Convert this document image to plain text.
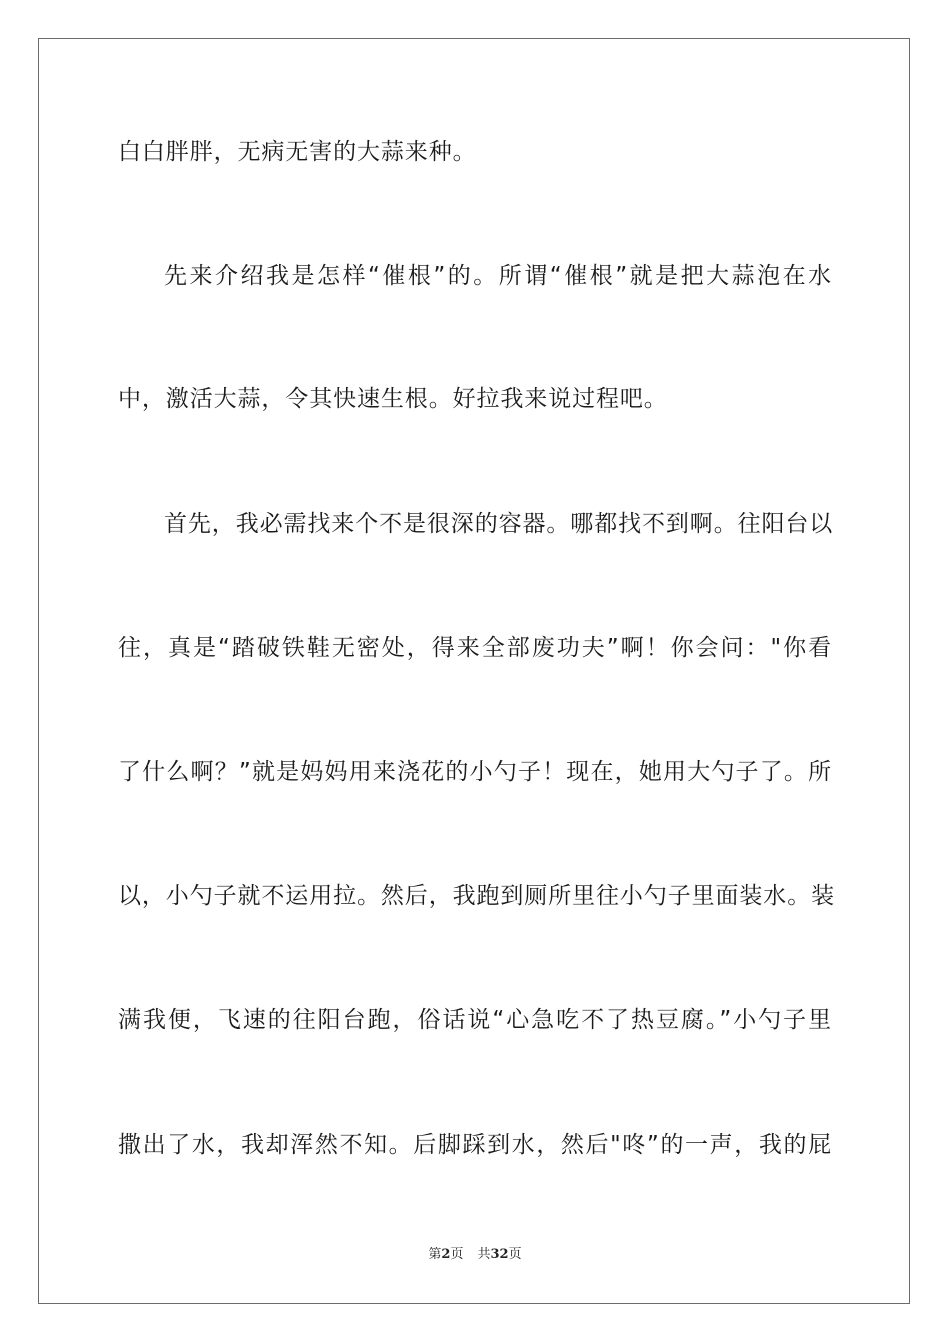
白白胖胖，无病无害的大蒜来种。
先来介绍我是怎样“催根”的。所谓“催根”就是把大蒜泡在水
中，激活大蒜，令其快速生根。好拉我来说过程吧。
首先，我必需找来个不是很深的容器。哪都找不到啊。往阳台以
往，真是“踏破铁鞋无密处，得来全部废功夫”啊！你会问："你看
了什么啊？”就是妈妈用来浇花的小勺子！现在，她用大勺子了。所
以，小勺子就不运用拉。然后，我跑到厕所里往小勺子里面装水。装
满我便，飞速的往阳台跑，俗话说“心急吃不了热豆腐。”小勺子里
撒出了水，我却浑然不知。后脚踩到水，然后"咚”的一声，我的屁
第2页 共32页
